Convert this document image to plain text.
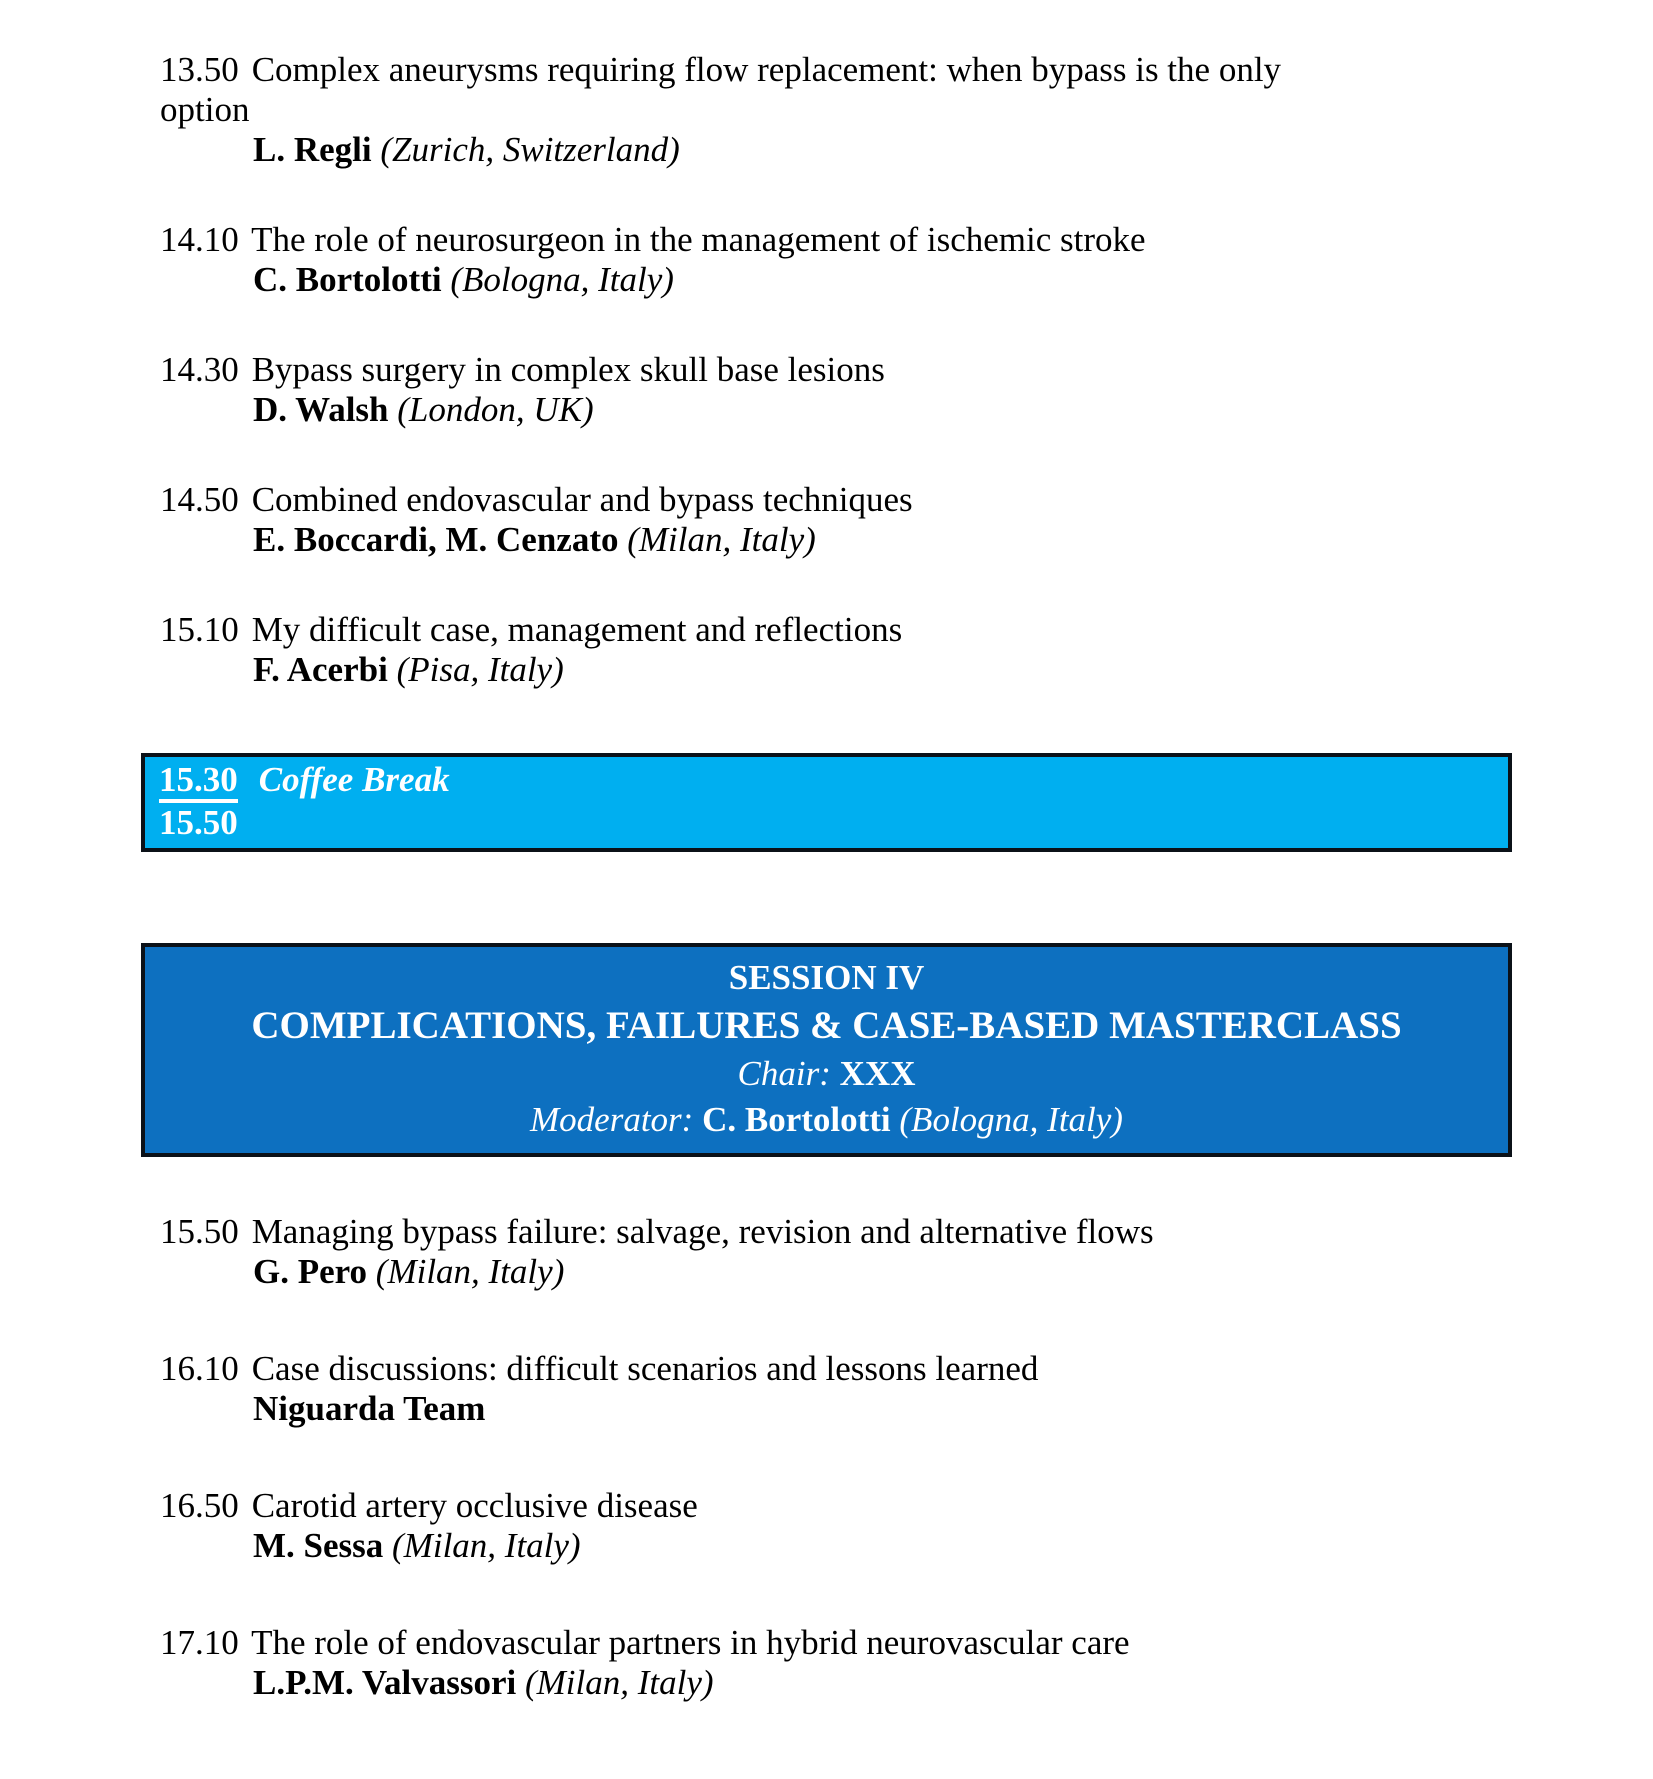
13.50 Complex aneurysms requiring flow replacement: when bypass is the only option

L. Regli (Zurich, Switzerland)

14.10 The role of neurosurgeon in the management of ischemic stroke

C. Bortolotti (Bologna, Italy)

14.30 Bypass surgery in complex skull base lesions

D. Walsh (London, UK)

14.50 Combined endovascular and bypass techniques

E. Boccardi, M. Cenzato (Milan, Italy)

15.10 My difficult case, management and reflections

F. Acerbi (Pisa, Italy)

15.30 Coffee Break

15.50

SESSION IV

COMPLICATIONS, FAILURES & CASE-BASED MASTERCLASS

Chair: XXX

Moderator: C. Bortolotti (Bologna, Italy)

15.50 Managing bypass failure: salvage, revision and alternative flows

G. Pero (Milan, Italy)

16.10 Case discussions: difficult scenarios and lessons learned

Niguarda Team

16.50 Carotid artery occlusive disease

M. Sessa (Milan, Italy)

17.10 The role of endovascular partners in hybrid neurovascular care

L.P.M. Valvassori (Milan, Italy)
